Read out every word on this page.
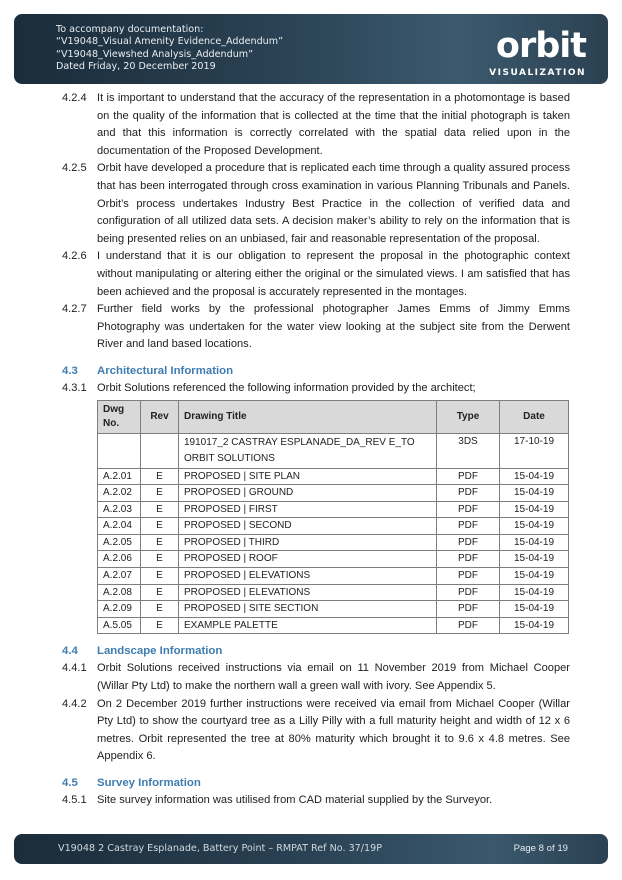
To accompany documentation:
“V19048_Visual Amenity Evidence_Addendum”
“V19048_Viewshed Analysis_Addendum”
Dated Friday, 20 December 2019
orbit
VISUALIZATION
4.2.4 It is important to understand that the accuracy of the representation in a photomontage is based on the quality of the information that is collected at the time that the initial photograph is taken and that this information is correctly correlated with the spatial data relied upon in the documentation of the Proposed Development.
4.2.5 Orbit have developed a procedure that is replicated each time through a quality assured process that has been interrogated through cross examination in various Planning Tribunals and Panels. Orbit’s process undertakes Industry Best Practice in the collection of verified data and configuration of all utilized data sets. A decision maker’s ability to rely on the information that is being presented relies on an unbiased, fair and reasonable representation of the proposal.
4.2.6 I understand that it is our obligation to represent the proposal in the photographic context without manipulating or altering either the original or the simulated views. I am satisfied that has been achieved and the proposal is accurately represented in the montages.
4.2.7 Further field works by the professional photographer James Emms of Jimmy Emms Photography was undertaken for the water view looking at the subject site from the Derwent River and land based locations.
4.3 Architectural Information
4.3.1 Orbit Solutions referenced the following information provided by the architect;
Dwg No.	Rev	Drawing Title	Type	Date
		191017_2 CASTRAY ESPLANADE_DA_REV E_TO ORBIT SOLUTIONS	3DS	17-10-19
A.2.01	E	PROPOSED | SITE PLAN	PDF	15-04-19
A.2.02	E	PROPOSED | GROUND	PDF	15-04-19
A.2.03	E	PROPOSED | FIRST	PDF	15-04-19
A.2.04	E	PROPOSED | SECOND	PDF	15-04-19
A.2.05	E	PROPOSED | THIRD	PDF	15-04-19
A.2.06	E	PROPOSED | ROOF	PDF	15-04-19
A.2.07	E	PROPOSED | ELEVATIONS	PDF	15-04-19
A.2.08	E	PROPOSED | ELEVATIONS	PDF	15-04-19
A.2.09	E	PROPOSED | SITE SECTION	PDF	15-04-19
A.5.05	E	EXAMPLE PALETTE	PDF	15-04-19
4.4 Landscape Information
4.4.1 Orbit Solutions received instructions via email on 11 November 2019 from Michael Cooper (Willar Pty Ltd) to make the northern wall a green wall with ivory. See Appendix 5.
4.4.2 On 2 December 2019 further instructions were received via email from Michael Cooper (Willar Pty Ltd) to show the courtyard tree as a Lilly Pilly with a full maturity height and width of 12 x 6 metres. Orbit represented the tree at 80% maturity which brought it to 9.6 x 4.8 metres. See Appendix 6.
4.5 Survey Information
4.5.1 Site survey information was utilised from CAD material supplied by the Surveyor.
V19048 2 Castray Esplanade, Battery Point – RMPAT Ref No. 37/19P	Page 8 of 19
